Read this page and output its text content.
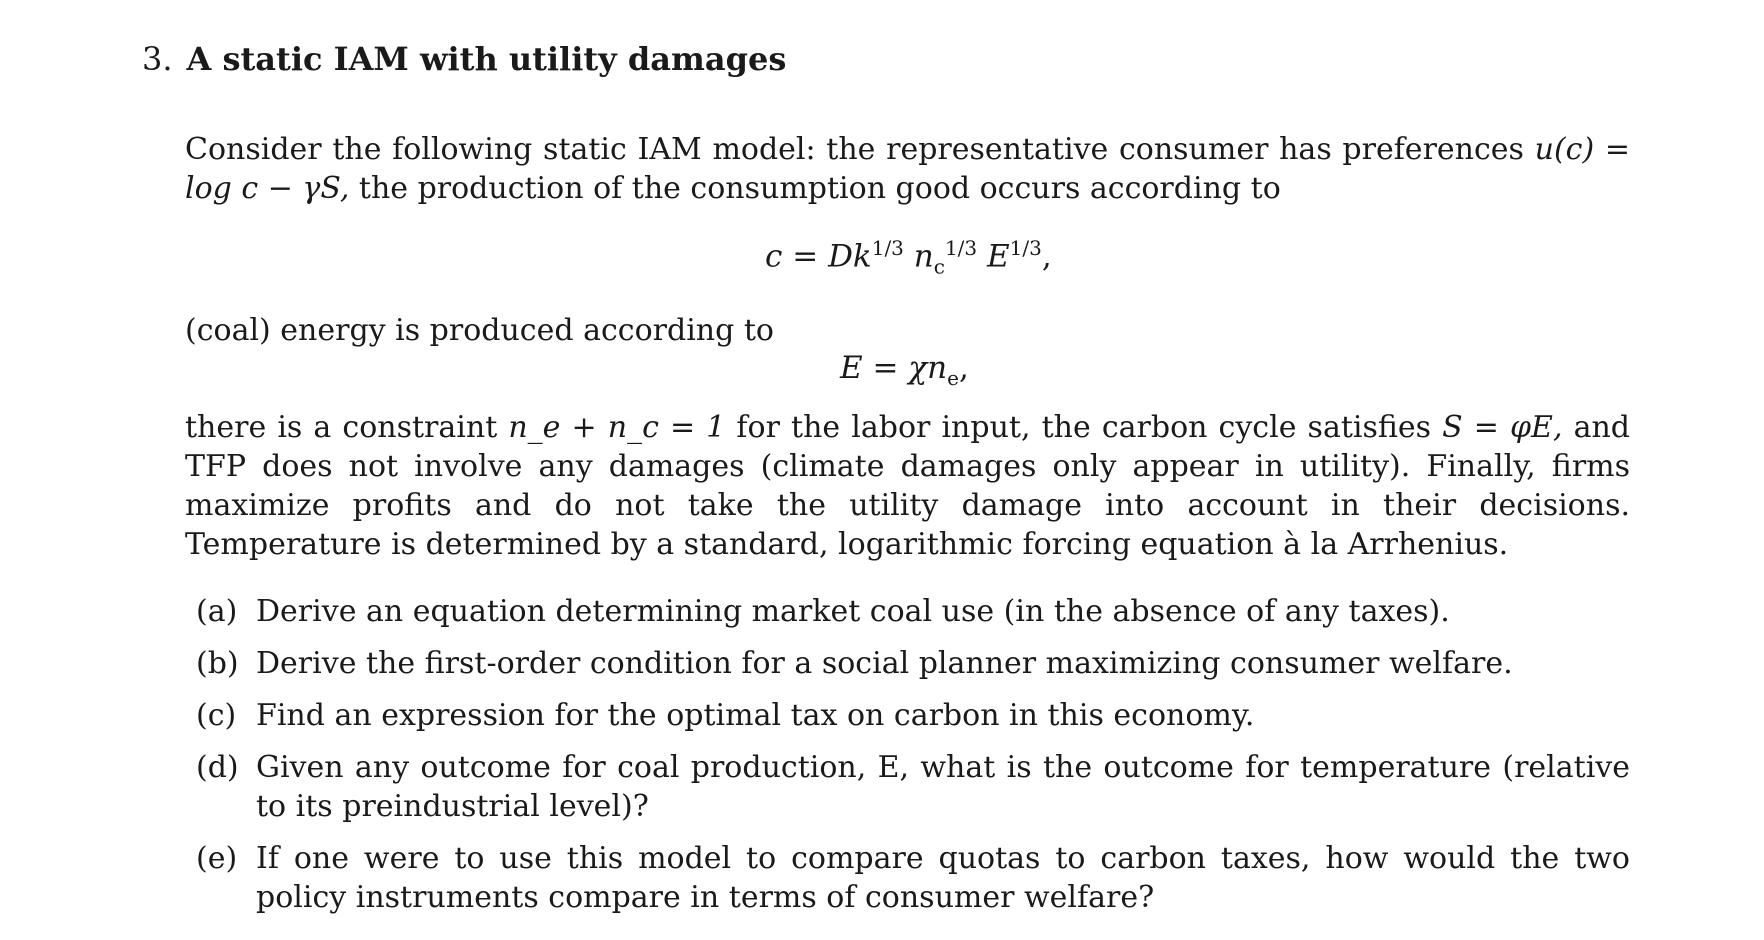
3. A static IAM with utility damages
Consider the following static IAM model: the representative consumer has preferences u(c) = log c − γS, the production of the consumption good occurs according to
$c = Dk^{1/3}$ $n_c^{1/3}$ $E^{1/3}$,
(coal) energy is produced according to
$E = \chi n_e$,
there is a constraint n_e + n_c = 1 for the labor input, the carbon cycle satisfies S = φE, and TFP does not involve any damages (climate damages only appear in utility). Finally, firms maximize profits and do not take the utility damage into account in their decisions. Temperature is determined by a standard, logarithmic forcing equation à la Arrhenius.
(a) Derive an equation determining market coal use (in the absence of any taxes).
(b) Derive the first-order condition for a social planner maximizing consumer welfare.
(c) Find an expression for the optimal tax on carbon in this economy.
(d) Given any outcome for coal production, E, what is the outcome for temperature (relative to its preindustrial level)?
(e) If one were to use this model to compare quotas to carbon taxes, how would the two policy instruments compare in terms of consumer welfare?
